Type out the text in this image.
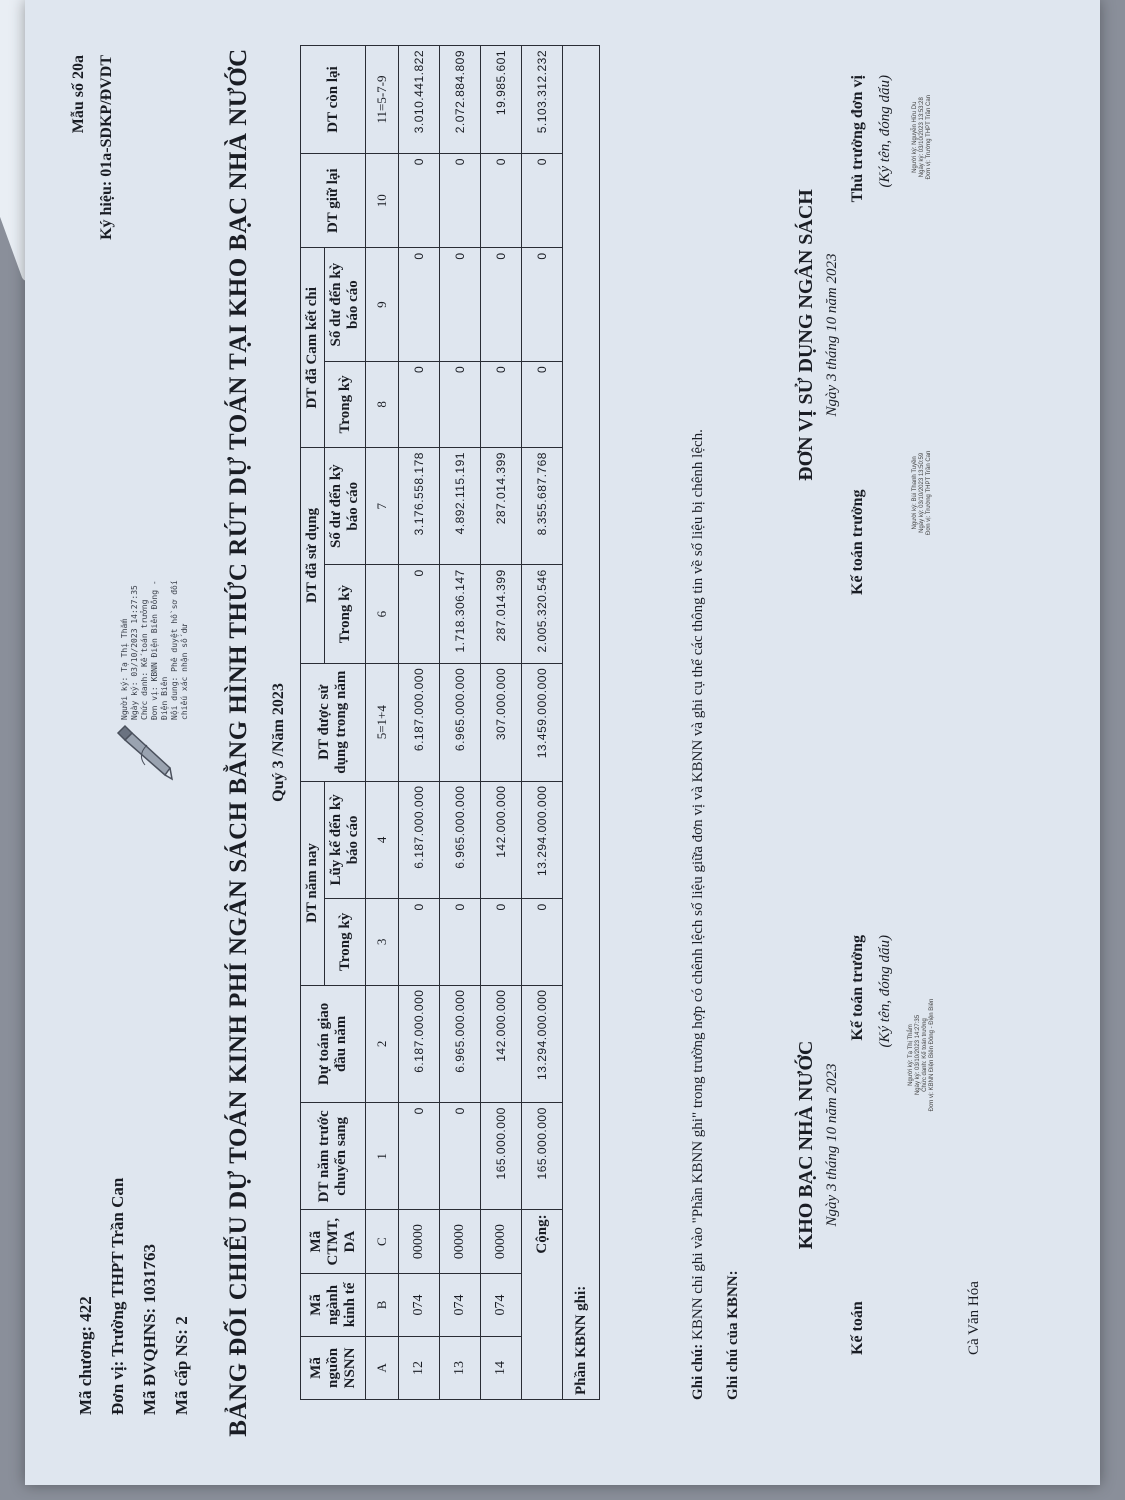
Mã chương: 422 Đơn vị: Trường THPT Trần Can Mã ĐVQHNS: 1031763 Mã cấp NS: 2
Mẫu số 20a Ký hiệu: 01a-SDKP/ĐVDT
Người ký: Tạ Thị Thắm Ngày ký: 03/10/2023 14:27:35 Chức danh: Kế toán trưởng Đơn vị: KBNN Điện Biên Đông - Điện Biên Nội dung: Phê duyệt hồ sơ đối chiếu xác nhận số dư BẢNG ĐỐI CHIẾU DỰ TOÁN KINH PHÍ NGÂN SÁCH BẰNG HÌNH THỨC RÚT DỰ TOÁN TẠI KHO BẠC NHÀ NƯỚC Quý 3 /Năm 2023
Mã nguồn NSNN	Mã ngành kinh tế	Mã CTMT, DA	DT năm trước chuyển sang	Dự toán giao đầu năm	DT năm nay		DT được sử dụng trong năm	DT đã sử dụng		DT đã Cam kết chi		DT giữ lại	DT còn lại
					Trong kỳ	Lũy kế đến kỳ báo cáo		Trong kỳ	Số dư đến kỳ báo cáo	Trong kỳ	Số dư đến kỳ báo cáo		
A	B	C	1	2	3	4	5=1+4	6	7	8	9	10	11=5-7-9
12	074	00000	0	6.187.000.000	0	6.187.000.000	6.187.000.000	0	3.176.558.178	0	0	0	3.010.441.822
13	074	00000	0	6.965.000.000	0	6.965.000.000	6.965.000.000	1.718.306.147	4.892.115.191	0	0	0	2.072.884.809
14	074	00000	165.000.000	142.000.000	0	142.000.000	307.000.000	287.014.399	287.014.399	0	0	0	19.985.601
Cộng:			165.000.000	13.294.000.000	0	13.294.000.000	13.459.000.000	2.005.320.546	8.355.687.768	0	0	0	5.103.312.232
Phần KBNN ghi:														Ghi chú: KBNN chỉ ghi vào "Phần KBNN ghi" trong trường hợp có chênh lệch số liệu giữa đơn vị và KBNN và ghi cụ thể các thông tin về số liệu bị chênh lệch. Ghi chú của KBNN:
KHO BẠC NHÀ NƯỚC Ngày 3 tháng 10 năm 2023
Kế toán
Kế toán trưởng (Ký tên, đóng dấu)
Người ký: Tạ Thị Thắm Ngày ký: 03/10/2023 14:27:35 Chức danh: Kế toán trưởng Đơn vị: KBNN Điện Biên Đông - Điện Biên
Cà Văn Hóa
ĐƠN VỊ SỬ DỤNG NGÂN SÁCH Ngày 3 tháng 10 năm 2023
Kế toán trưởng
Thủ trưởng đơn vị (Ký tên, đóng dấu)
Người ký: Bùi Thanh Tuyền Ngày ký: 03/10/2023 13:50:59 Đơn vị: Trường THPT Trần Can
Người ký: Nguyễn Hữu Du Ngày ký: 03/10/2023 13:53:28 Đơn vị: Trường THPT Trần Can
